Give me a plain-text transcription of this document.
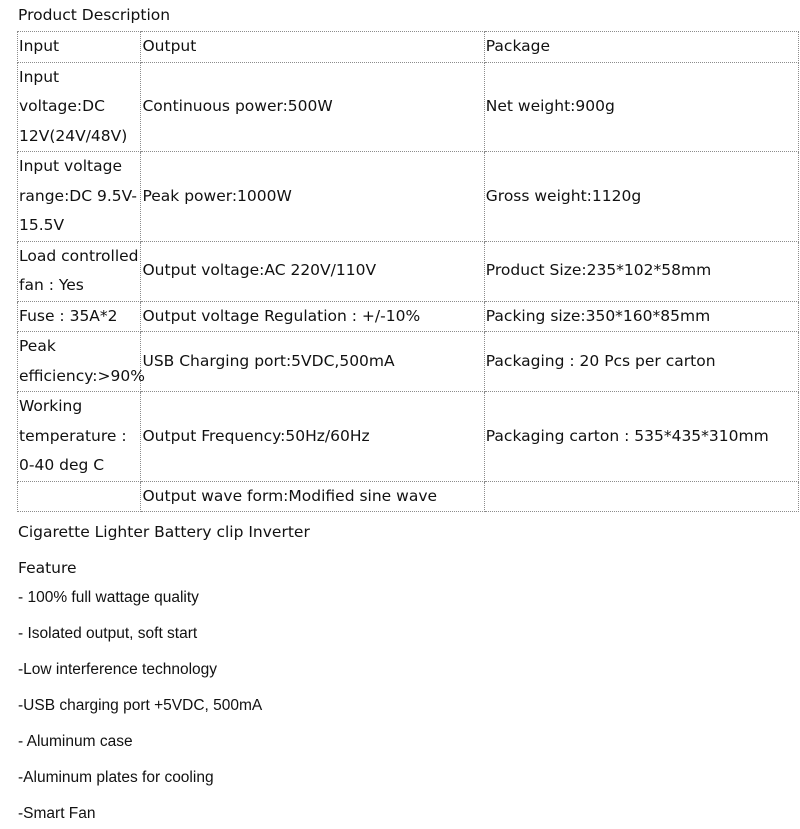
Product Description
Input	Output	Package
Input voltage:DC 12V(24V/48V)	Continuous power:500W	Net weight:900g
Input voltage range:DC 9.5V-15.5V	Peak power:1000W	Gross weight:1120g
Load controlled fan : Yes	Output voltage:AC 220V/110V	Product Size:235*102*58mm
Fuse : 35A*2	Output voltage Regulation : +/-10%	Packing size:350*160*85mm
Peak efficiency:>90%	USB Charging port:5VDC,500mA	Packaging : 20 Pcs per carton
Working temperature : 0-40 deg C	Output Frequency:50Hz/60Hz	Packaging carton : 535*435*310mm
	Output wave form:Modified sine wave	
Cigarette Lighter Battery clip Inverter
Feature
- 100% full wattage quality
- Isolated output, soft start
-Low interference technology
-USB charging port +5VDC, 500mA
- Aluminum case
-Aluminum plates for cooling
-Smart Fan
